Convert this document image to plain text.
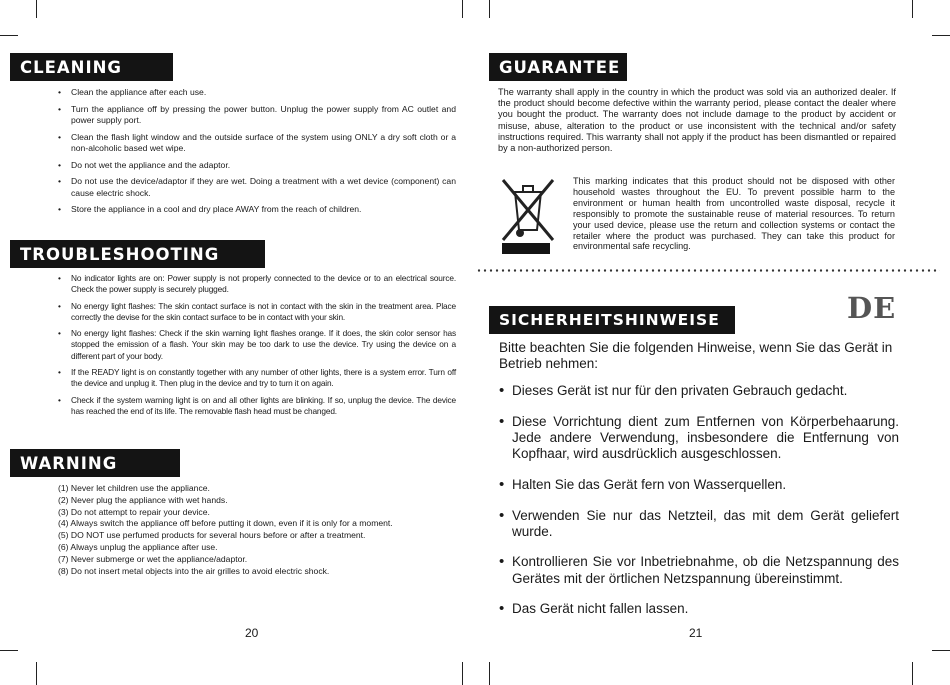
CLEANING
• Clean the appliance after each use.
• Turn the appliance off by pressing the power button. Unplug the power supply from AC outlet and power supply port.
• Clean the flash light window and the outside surface of the system using ONLY a dry soft cloth or a non-alcoholic based wet wipe.
• Do not wet the appliance and the adaptor.
• Do not use the device/adaptor if they are wet. Doing a treatment with a wet device (component) can cause electric shock.
• Store the appliance in a cool and dry place AWAY from the reach of children.
TROUBLESHOOTING
• No indicator lights are on: Power supply is not properly connected to the device or to an electrical source. Check the power supply is securely plugged.
• No energy light flashes: The skin contact surface is not in contact with the skin in the treatment area. Place correctly the devise for the skin contact surface to be in contact with your skin.
• No energy light flashes: Check if the skin warning light flashes orange. If it does, the skin color sensor has stopped the emission of a flash. Your skin may be too dark to use the device. Try using the device on a different part of your body.
• If the READY light is on constantly together with any number of other lights, there is a system error. Turn off the device and unplug it. Then plug in the device and try to turn it on again.
• Check if the system warning light is on and all other lights are blinking. If so, unplug the device. The device has reached the end of its life. The removable flash head must be changed.
WARNING
(1) Never let children use the appliance.
(2) Never plug the appliance with wet hands.
(3) Do not attempt to repair your device.
(4) Always switch the appliance off before putting it down, even if it is only for a moment.
(5) DO NOT use perfumed products for several hours before or after a treatment.
(6) Always unplug the appliance after use.
(7) Never submerge or wet the appliance/adaptor.
(8) Do not insert metal objects into the air grilles to avoid electric shock.
20
GUARANTEE
The warranty shall apply in the country in which the product was sold via an authorized dealer. If the product should become defective within the warranty period, please contact the dealer where you bought the product. The warranty does not include damage to the product by accident or misuse, abuse, alteration to the product or use inconsistent with the technical and/or safety instructions required. This warranty shall not apply if the product has been dismantled or repaired by a non-authorized person.
This marking indicates that this product should not be disposed with other household wastes throughout the EU. To prevent possible harm to the environment or human health from uncontrolled waste disposal, recycle it responsibly to promote the sustainable reuse of material resources. To return your used device, please use the return and collection systems or contact the retailer where the product was purchased. They can take this product for environmental safe recycling.
SICHERHEITSHINWEISE	DE
Bitte beachten Sie die folgenden Hinweise, wenn Sie das Gerät in Betrieb nehmen:
• Dieses Gerät ist nur für den privaten Gebrauch gedacht.
• Diese Vorrichtung dient zum Entfernen von Körperbehaarung. Jede andere Verwendung, insbesondere die Entfernung von Kopfhaar, wird ausdrücklich ausgeschlossen.
• Halten Sie das Gerät fern von Wasserquellen.
• Verwenden Sie nur das Netzteil, das mit dem Gerät geliefert wurde.
• Kontrollieren Sie vor Inbetriebnahme, ob die Netzspannung des Gerätes mit der örtlichen Netzspannung übereinstimmt.
• Das Gerät nicht fallen lassen.
21
